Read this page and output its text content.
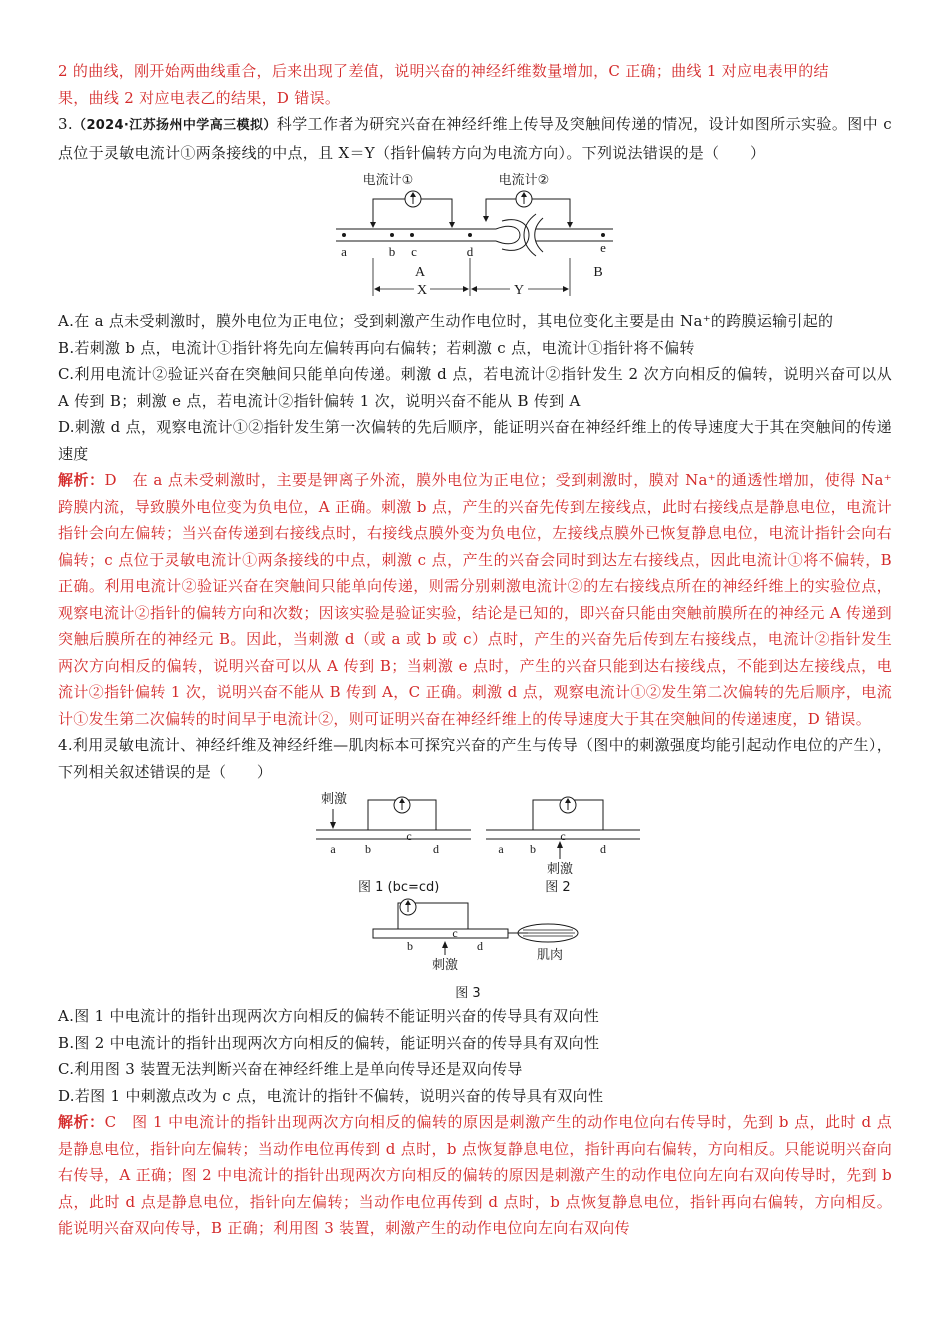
2 的曲线，刚开始两曲线重合，后来出现了差值，说明兴奋的神经纤维数量增加，C 正确；曲线 1 对应电表甲的结

果，曲线 2 对应电表乙的结果，D 错误。

3.（2024·江苏扬州中学高三模拟）科学工作者为研究兴奋在神经纤维上传导及突触间传递的情况，设计如图所示实验。图中 c 点位于灵敏电流计①两条接线的中点，且 X＝Y（指针偏转方向为电流方向）。下列说法错误的是（　　）

电流计①	电流计②
a	b c	d	e
A	B
X	Y

A.在 a 点未受刺激时，膜外电位为正电位；受到刺激产生动作电位时，其电位变化主要是由 Na⁺的跨膜运输引起的

B.若刺激 b 点，电流计①指针将先向左偏转再向右偏转；若刺激 c 点，电流计①指针将不偏转

C.利用电流计②验证兴奋在突触间只能单向传递。刺激 d 点，若电流计②指针发生 2 次方向相反的偏转，说明兴奋可以从 A 传到 B；刺激 e 点，若电流计②指针偏转 1 次，说明兴奋不能从 B 传到 A

D.刺激 d 点，观察电流计①②指针发生第一次偏转的先后顺序，能证明兴奋在神经纤维上的传导速度大于其在突触间的传递速度

解析：D　在 a 点未受刺激时，主要是钾离子外流，膜外电位为正电位；受到刺激时，膜对 Na⁺的通透性增加，使得 Na⁺跨膜内流，导致膜外电位变为负电位，A 正确。刺激 b 点，产生的兴奋先传到左接线点，此时右接线点是静息电位，电流计指针会向左偏转；当兴奋传递到右接线点时，右接线点膜外变为负电位，左接线点膜外已恢复静息电位，电流计指针会向右偏转；c 点位于灵敏电流计①两条接线的中点，刺激 c 点，产生的兴奋会同时到达左右接线点，因此电流计①将不偏转，B 正确。利用电流计②验证兴奋在突触间只能单向传递，则需分别刺激电流计②的左右接线点所在的神经纤维上的实验位点，观察电流计②指针的偏转方向和次数；因该实验是验证实验，结论是已知的，即兴奋只能由突触前膜所在的神经元 A 传递到突触后膜所在的神经元 B。因此，当刺激 d（或 a 或 b 或 c）点时，产生的兴奋先后传到左右接线点，电流计②指针发生两次方向相反的偏转，说明兴奋可以从 A 传到 B；当刺激 e 点时，产生的兴奋只能到达右接线点，不能到达左接线点，电流计②指针偏转 1 次，说明兴奋不能从 B 传到 A，C 正确。刺激 d 点，观察电流计①②发生第二次偏转的先后顺序，电流计①发生第二次偏转的时间早于电流计②，则可证明兴奋在神经纤维上的传导速度大于其在突触间的传递速度，D 错误。

4.利用灵敏电流计、神经纤维及神经纤维—肌肉标本可探究兴奋的产生与传导（图中的刺激强度均能引起动作电位的产生），下列相关叙述错误的是（　　）

刺激
a b
c
d
图 1 (bc=cd)
a b
c
d
刺激
图 2
b
c
d
刺激
肌肉
图 3

A.图 1 中电流计的指针出现两次方向相反的偏转不能证明兴奋的传导具有双向性

B.图 2 中电流计的指针出现两次方向相反的偏转，能证明兴奋的传导具有双向性

C.利用图 3 装置无法判断兴奋在神经纤维上是单向传导还是双向传导

D.若图 1 中刺激点改为 c 点，电流计的指针不偏转，说明兴奋的传导具有双向性

解析：C　图 1 中电流计的指针出现两次方向相反的偏转的原因是刺激产生的动作电位向右传导时，先到 b 点，此时 d 点是静息电位，指针向左偏转；当动作电位再传到 d 点时，b 点恢复静息电位，指针再向右偏转，方向相反。只能说明兴奋向右传导，A 正确；图 2 中电流计的指针出现两次方向相反的偏转的原因是刺激产生的动作电位向左向右双向传导时，先到 b 点，此时 d 点是静息电位，指针向左偏转；当动作电位再传到 d 点时，b 点恢复静息电位，指针再向右偏转，方向相反。能说明兴奋双向传导，B 正确；利用图 3 装置，刺激产生的动作电位向左向右双向传
